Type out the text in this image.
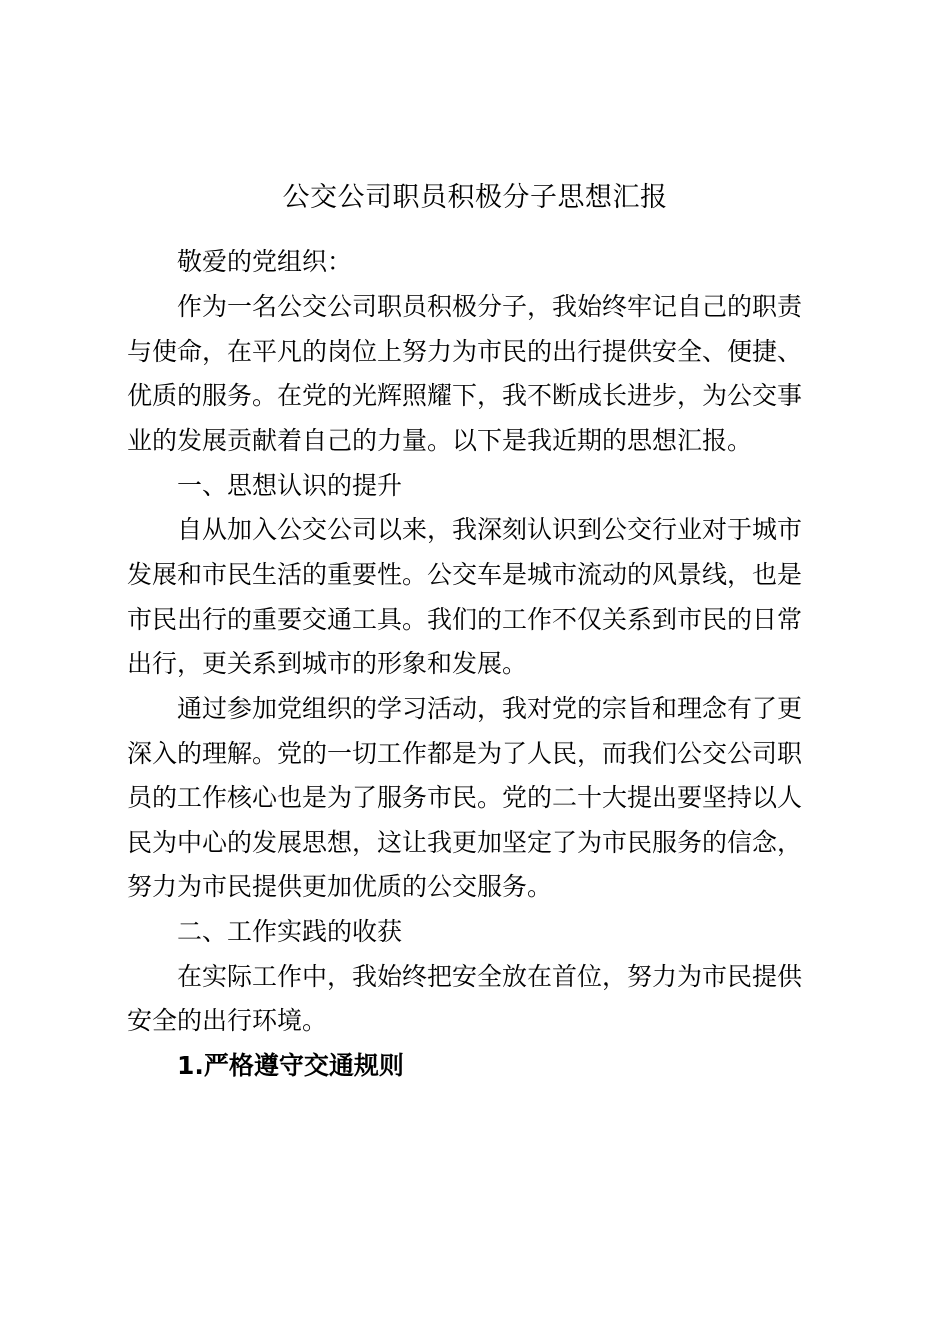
公交公司职员积极分子思想汇报

敬爱的党组织：

作为一名公交公司职员积极分子，我始终牢记自己的职责

与使命，在平凡的岗位上努力为市民的出行提供安全、便捷、

优质的服务。在党的光辉照耀下，我不断成长进步，为公交事

业的发展贡献着自己的力量。以下是我近期的思想汇报。

一、思想认识的提升

自从加入公交公司以来，我深刻认识到公交行业对于城市

发展和市民生活的重要性。公交车是城市流动的风景线，也是

市民出行的重要交通工具。我们的工作不仅关系到市民的日常

出行，更关系到城市的形象和发展。

通过参加党组织的学习活动，我对党的宗旨和理念有了更

深入的理解。党的一切工作都是为了人民，而我们公交公司职

员的工作核心也是为了服务市民。党的二十大提出要坚持以人

民为中心的发展思想，这让我更加坚定了为市民服务的信念，

努力为市民提供更加优质的公交服务。

二、工作实践的收获

在实际工作中，我始终把安全放在首位，努力为市民提供

安全的出行环境。

1.严格遵守交通规则
